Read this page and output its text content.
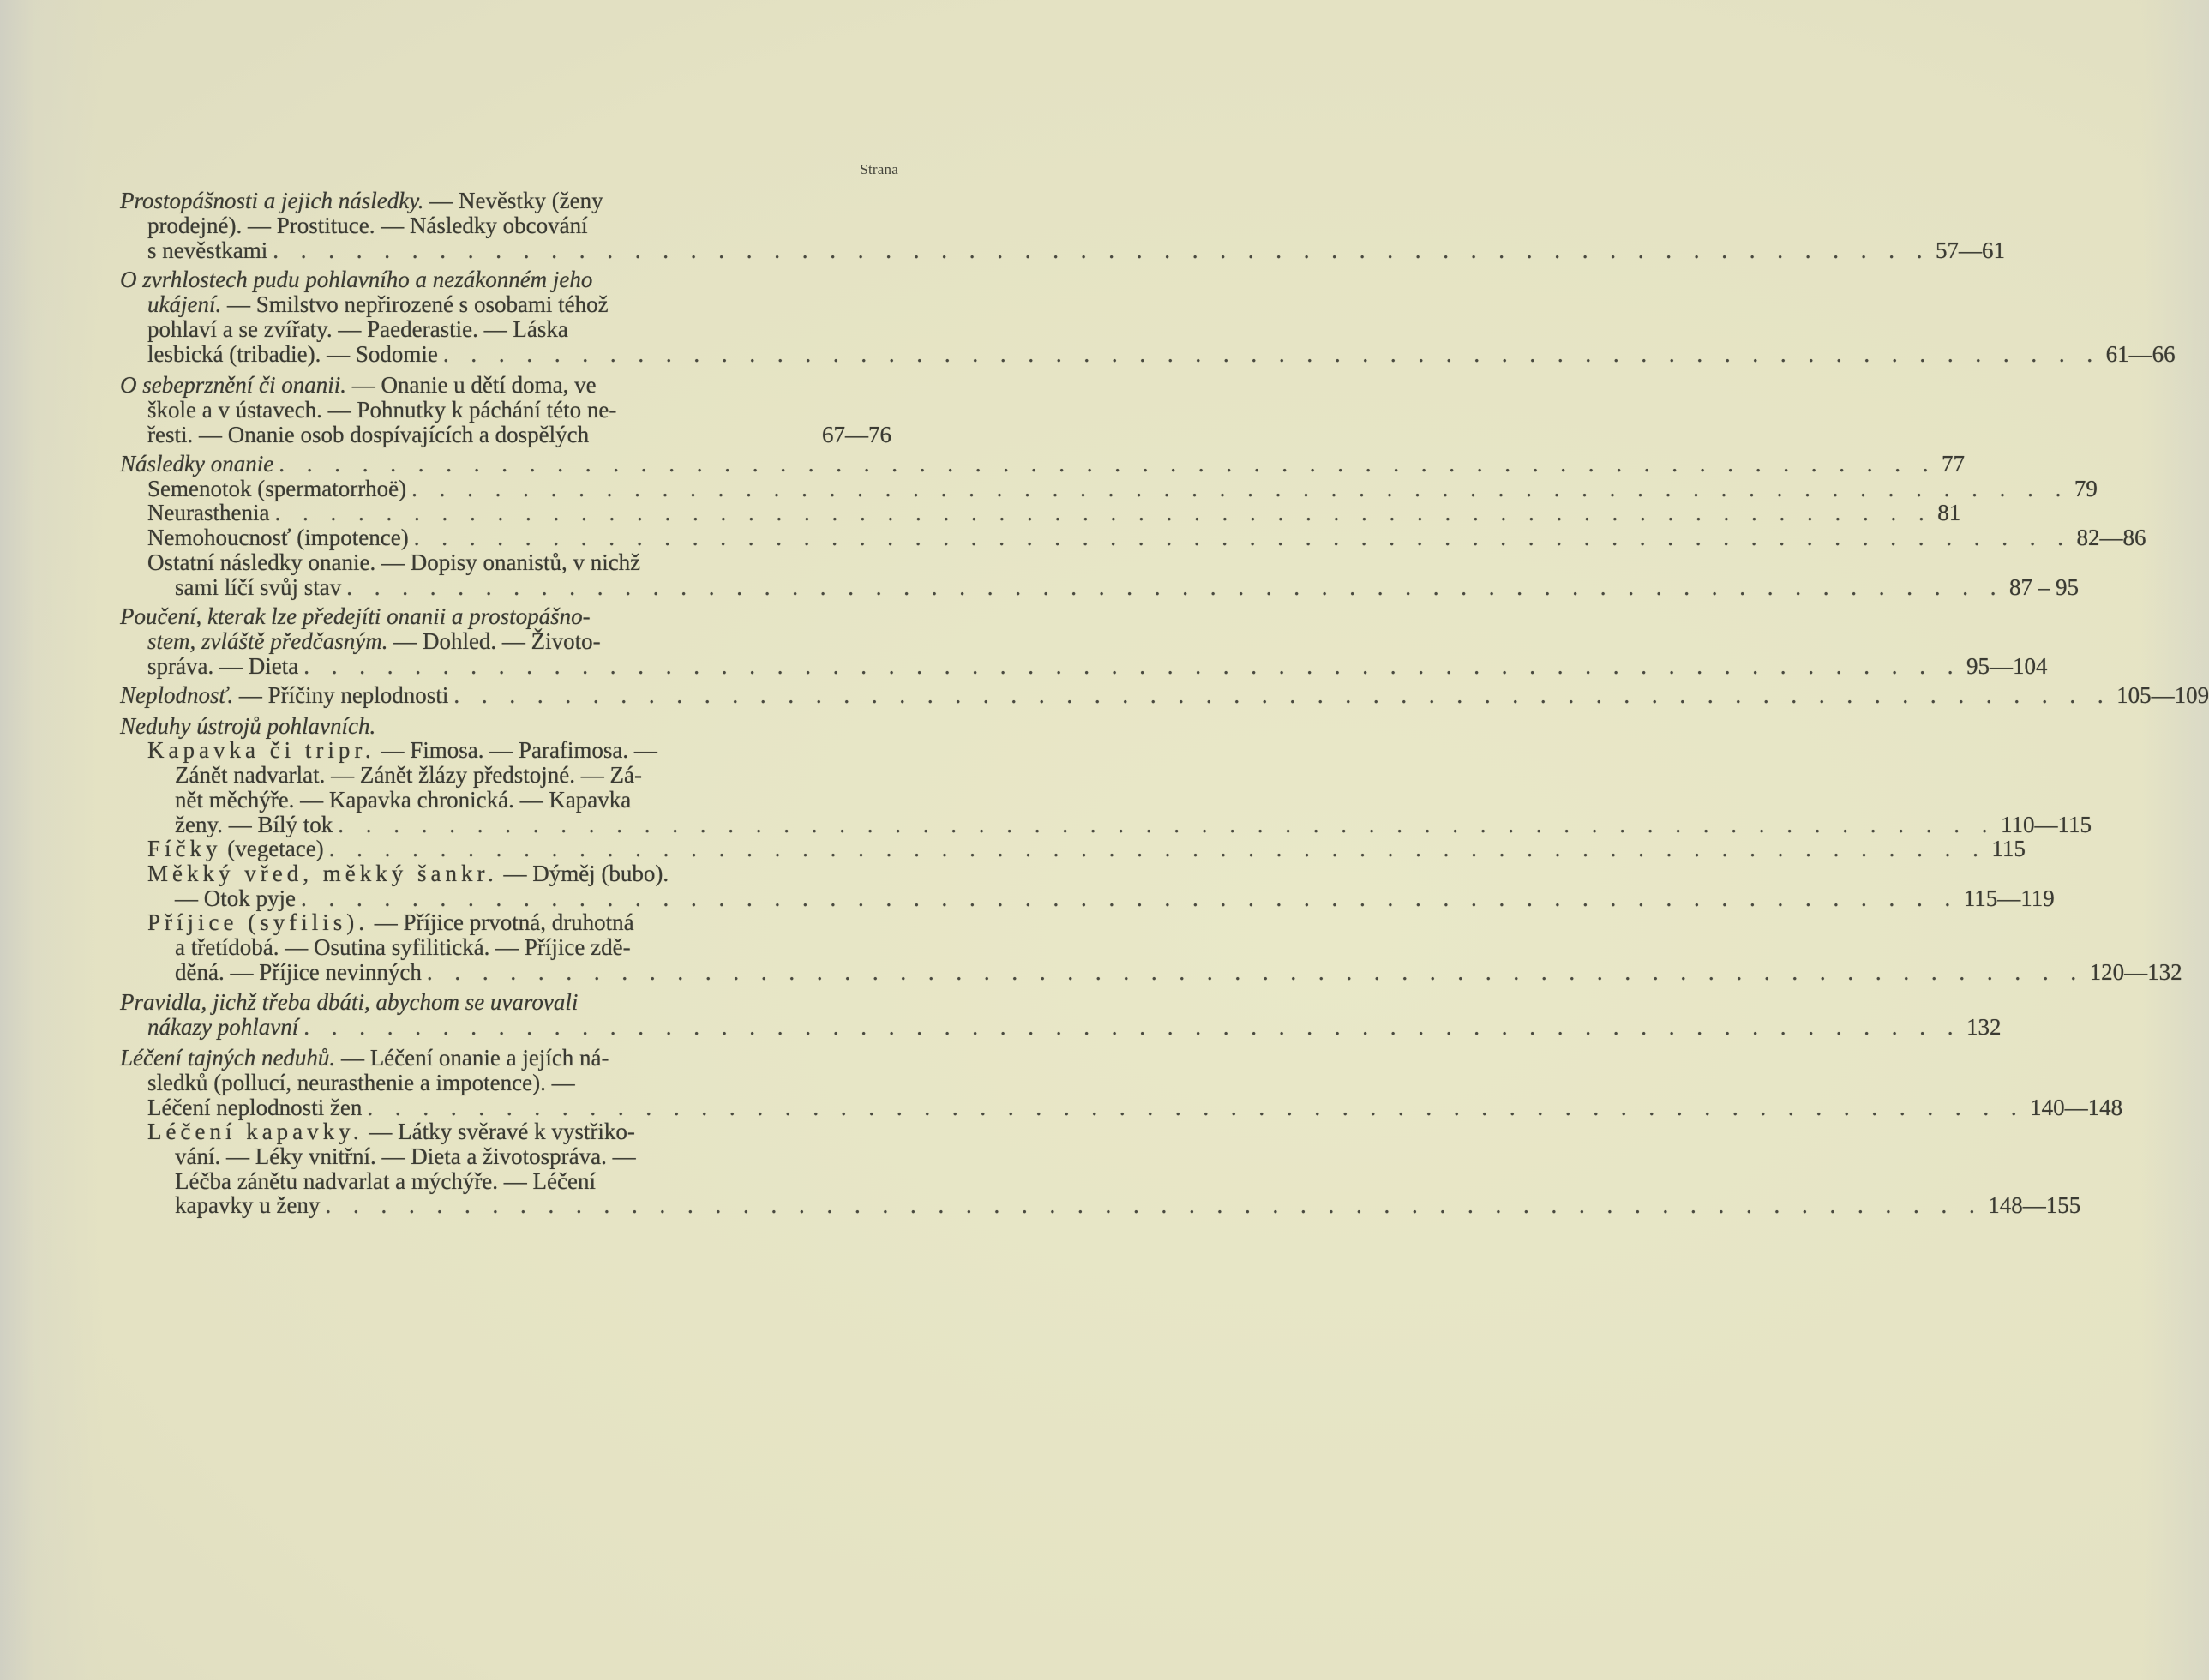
Strana
Prostopášnosti a jejich následky. — Nevěstky (ženy
prodejné). — Prostituce. — Následky obcování
s nevěstkami . . . . . . . . . . . . . . . . . . . . . . . . . . . . . . . . . . . . . . . . . . . . . . . . . . . . . . . . . . . . 57—61
O zvrhlostech pudu pohlavního a nezákonném jeho
ukájení. — Smilstvo nepřirozené s osobami téhož
pohlaví a se zvířaty. — Paederastie. — Láska
lesbická (tribadie). — Sodomie . . . . . . . . . . . . . . . . . . . . . . . . . . . . . . . . . . . . . . . . . . . . . . . . . . . . . . . . . . . . 61—66
O sebeprznění či onanii. — Onanie u dětí doma, ve
škole a v ústavech. — Pohnutky k páchání této ne-
řesti. — Onanie osob dospívajících a dospělých	67—76
Následky onanie . . . . . . . . . . . . . . . . . . . . . . . . . . . . . . . . . . . . . . . . . . . . . . . . . . . . . . . . . . . . 77
Semenotok (spermatorrhoë) . . . . . . . . . . . . . . . . . . . . . . . . . . . . . . . . . . . . . . . . . . . . . . . . . . . . . . . . . . . . 79
Neurasthenia . . . . . . . . . . . . . . . . . . . . . . . . . . . . . . . . . . . . . . . . . . . . . . . . . . . . . . . . . . . . 81
Nemohoucnosť (impotence) . . . . . . . . . . . . . . . . . . . . . . . . . . . . . . . . . . . . . . . . . . . . . . . . . . . . . . . . . . . . 82—86
Ostatní následky onanie. — Dopisy onanistů, v nichž
sami líčí svůj stav . . . . . . . . . . . . . . . . . . . . . . . . . . . . . . . . . . . . . . . . . . . . . . . . . . . . . . . . . . . . 87 – 95
Poučení, kterak lze předejíti onanii a prostopášno-
stem, zvláště předčasným. — Dohled. — Životo-
správa. — Dieta . . . . . . . . . . . . . . . . . . . . . . . . . . . . . . . . . . . . . . . . . . . . . . . . . . . . . . . . . . . . 95—104
Neplodnosť. — Příčiny neplodnosti . . . . . . . . . . . . . . . . . . . . . . . . . . . . . . . . . . . . . . . . . . . . . . . . . . . . . . . . . . . . 105—109
Neduhy ústrojů pohlavních.
Kapavka či tripr. — Fimosa. — Parafimosa. —
Zánět nadvarlat. — Zánět žlázy předstojné. — Zá-
nět měchýře. — Kapavka chronická. — Kapavka
ženy. — Bílý tok . . . . . . . . . . . . . . . . . . . . . . . . . . . . . . . . . . . . . . . . . . . . . . . . . . . . . . . . . . . . 110—115
Fíčky (vegetace) . . . . . . . . . . . . . . . . . . . . . . . . . . . . . . . . . . . . . . . . . . . . . . . . . . . . . . . . . . . . 115
Měkký vřed, měkký šankr. — Dýměj (bubo).
— Otok pyje . . . . . . . . . . . . . . . . . . . . . . . . . . . . . . . . . . . . . . . . . . . . . . . . . . . . . . . . . . . . 115—119
Příjice (syfilis). — Příjice prvotná, druhotná
a třetídobá. — Osutina syfilitická. — Příjice zdě-
děná. — Příjice nevinných . . . . . . . . . . . . . . . . . . . . . . . . . . . . . . . . . . . . . . . . . . . . . . . . . . . . . . . . . . . . 120—132
Pravidla, jichž třeba dbáti, abychom se uvarovali
nákazy pohlavní . . . . . . . . . . . . . . . . . . . . . . . . . . . . . . . . . . . . . . . . . . . . . . . . . . . . . . . . . . . . 132
Léčení tajných neduhů. — Léčení onanie a jejích ná-
sledků (pollucí, neurasthenie a impotence). —
Léčení neplodnosti žen . . . . . . . . . . . . . . . . . . . . . . . . . . . . . . . . . . . . . . . . . . . . . . . . . . . . . . . . . . . . 140—148
Léčení kapavky. — Látky svěravé k vystřiko-
vání. — Léky vnitřní. — Dieta a životospráva. —
Léčba zánětu nadvarlat a mýchýře. — Léčení
kapavky u ženy . . . . . . . . . . . . . . . . . . . . . . . . . . . . . . . . . . . . . . . . . . . . . . . . . . . . . . . . . . . . 148—155
